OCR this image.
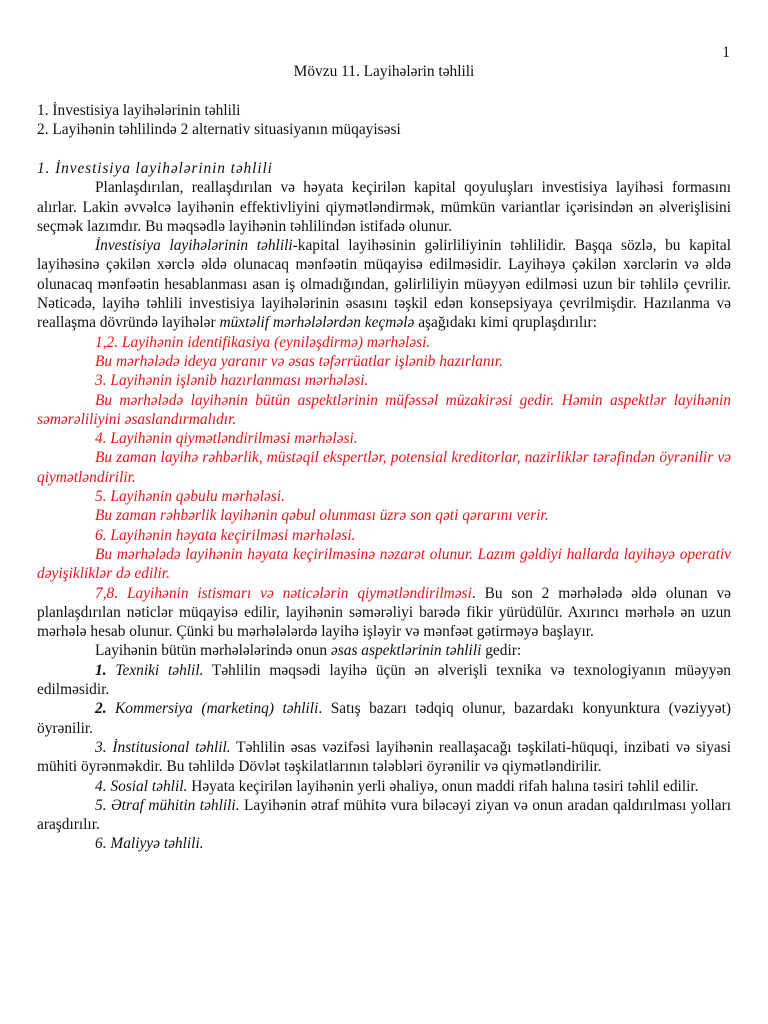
1
Mövzu 11. Layihələrin təhlili
1. İnvestisiya layihələrinin təhlili
2. Layihənin təhlilində 2 alternativ situasiyanın müqayisəsi

1. İnvestisiya layihələrinin təhlili

Planlaşdırılan, reallaşdırılan və həyata keçirilən kapital qoyuluşları investisiya layihəsi formasını alırlar. Lakin əvvəlcə layihənin effektivliyini qiymətləndirmək, mümkün variantlar içərisindən ən əlverişlisini seçmək lazımdır. Bu məqsədlə layihənin təhlilindən istifadə olunur.

İnvestisiya layihələrinin təhlili-kapital layihəsinin gəlirliliyinin təhlilidir. Başqa sözlə, bu kapital layihəsinə çəkilən xərclə əldə olunacaq mənfəətin müqayisə edilməsidir. Layihəyə çəkilən xərclərin və əldə olunacaq mənfəətin hesablanması asan iş olmadığından, gəlirliliyin müəyyən edilməsi uzun bir təhlilə çevrilir. Nəticədə, layihə təhlili investisiya layihələrinin əsasını təşkil edən konsepsiyaya çevrilmişdir. Hazılanma və reallaşma dövründə layihələr müxtəlif mərhələlərdən keçmələ aşağıdakı kimi qruplaşdırılır:

1,2. Layihənin identifikasiya (eyniləşdirmə) mərhələsi.

Bu mərhələdə ideya yaranır və əsas təfərrüatlar işlənib hazırlanır.

3. Layihənin işlənib hazırlanması mərhələsi.

Bu mərhələdə layihənin bütün aspektlərinin müfəssəl müzakirəsi gedir. Həmin aspektlər layihənin səmərəliliyini əsaslandırmalıdır.

4. Layihənin qiymətləndirilməsi mərhələsi.

Bu zaman layihə rəhbərlik, müstəqil ekspertlər, potensial kreditorlar, nazirliklər tərəfindən öyrənilir və qiymətləndirilir.

5. Layihənin qəbulu mərhələsi.

Bu zaman rəhbərlik layihənin qəbul olunması üzrə son qəti qərarını verir.

6. Layihənin həyata keçirilməsi mərhələsi.

Bu mərhələdə layihənin həyata keçirilməsinə nəzarət olunur. Lazım gəldiyi hallarda layihəyə operativ dəyişikliklər də edilir.

7,8. Layihənin istismarı və nəticələrin qiymətləndirilməsi. Bu son 2 mərhələdə əldə olunan və planlaşdırılan nəticlər müqayisə edilir, layihənin səmərəliyi barədə fikir yürüdülür. Axırıncı mərhələ ən uzun mərhələ hesab olunur. Çünki bu mərhələlərdə layihə işləyir və mənfəət gətirməyə başlayır.

Layihənin bütün mərhələlərində onun əsas aspektlərinin təhlili gedir:

1. Texniki təhlil. Təhlilin məqsədi layihə üçün ən əlverişli texnika və texnologiyanın müəyyən edilməsidir.

2. Kommersiya (marketinq) təhlili. Satış bazarı tədqiq olunur, bazardakı konyunktura (vəziyyət) öyrənilir.

3. İnstitusional təhlil. Təhlilin əsas vəzifəsi layihənin reallaşacağı təşkilati-hüquqi, inzibati və siyasi mühiti öyrənməkdir. Bu təhlildə Dövlət təşkilatlarının tələbləri öyrənilir və qiymətləndirilir.

4. Sosial təhlil. Həyata keçirilən layihənin yerli əhaliyə, onun maddi rifah halına təsiri təhlil edilir.

5. Ətraf mühitin təhlili. Layihənin ətraf mühitə vura biləcəyi ziyan və onun aradan qaldırılması yolları araşdırılır.

6. Maliyyə təhlili.
